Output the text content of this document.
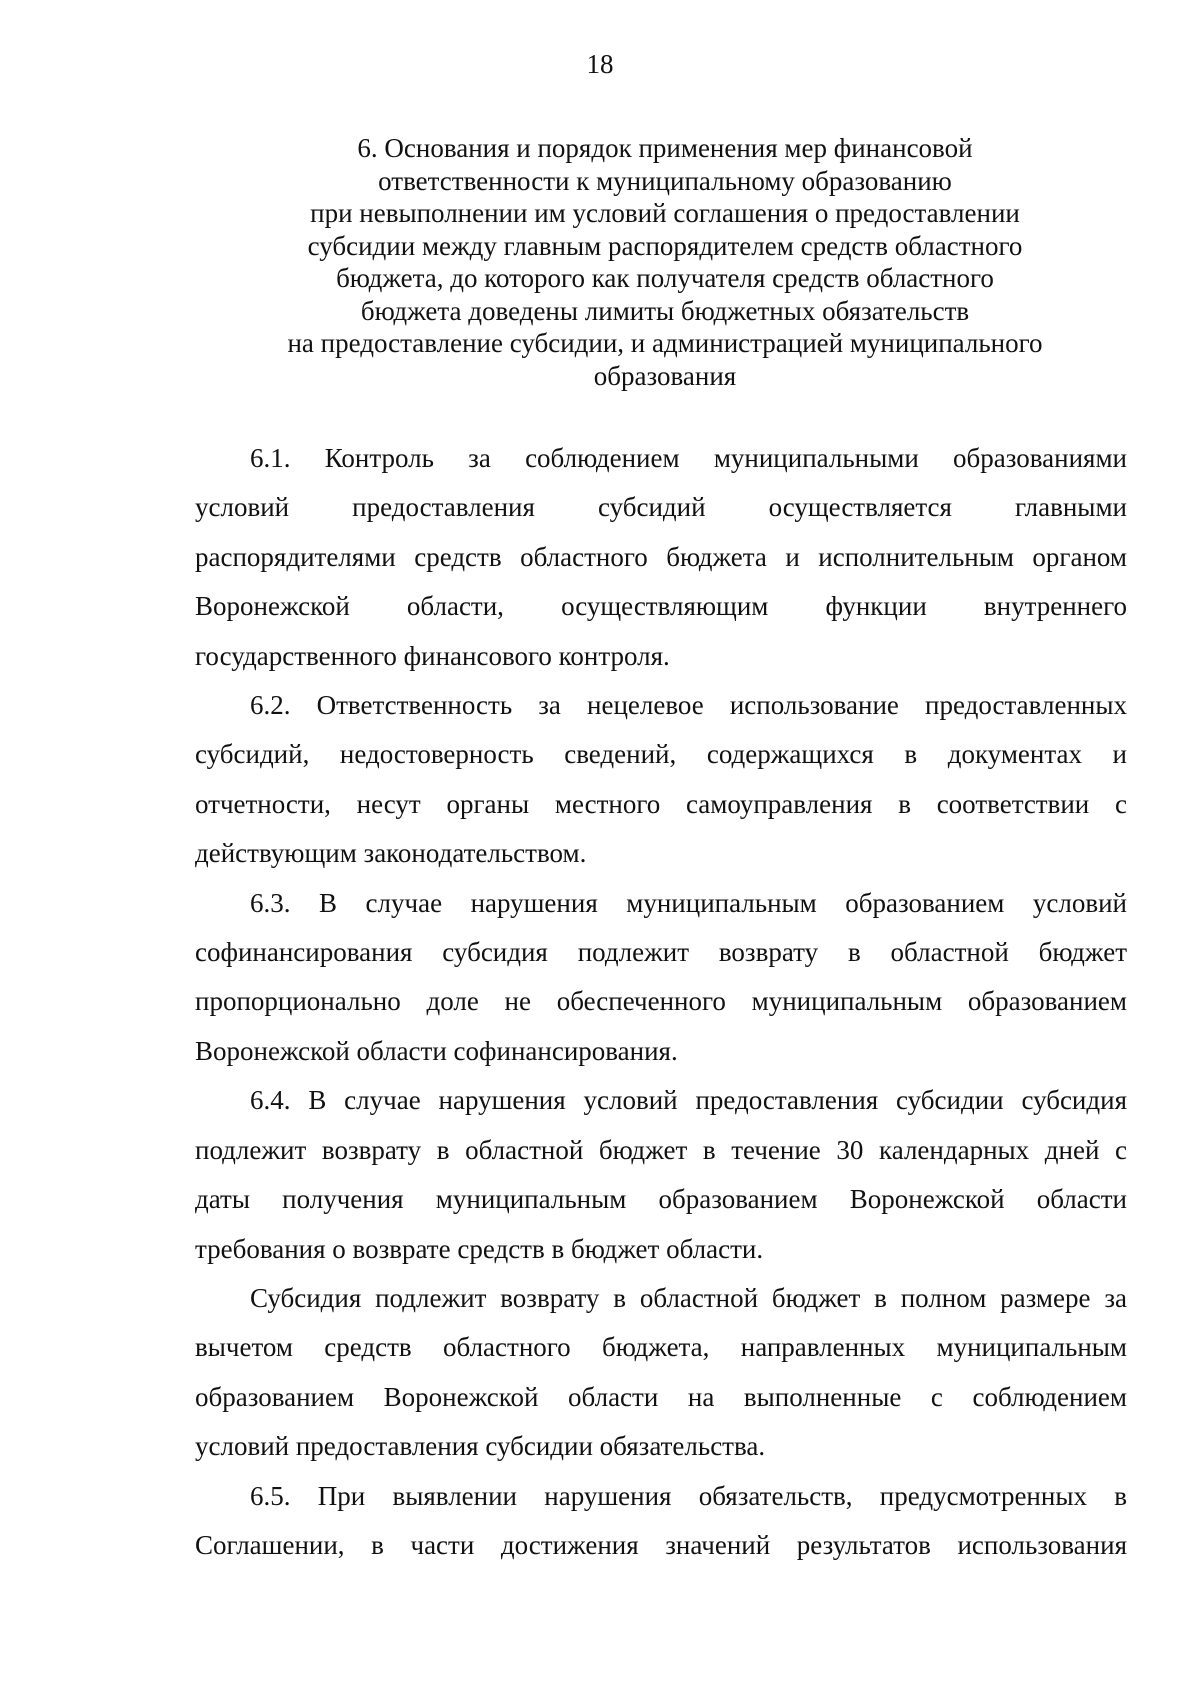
18
6. Основания и порядок применения мер финансовой
ответственности к муниципальному образованию
при невыполнении им условий соглашения о предоставлении
субсидии между главным распорядителем средств областного
бюджета, до которого как получателя средств областного
бюджета доведены лимиты бюджетных обязательств
на предоставление субсидии, и администрацией муниципального
образования
6.1. Контроль за соблюдением муниципальными образованиями
условий предоставления субсидий осуществляется главными
распорядителями средств областного бюджета и исполнительным органом
Воронежской области, осуществляющим функции внутреннего
государственного финансового контроля.
6.2. Ответственность за нецелевое использование предоставленных
субсидий, недостоверность сведений, содержащихся в документах и
отчетности, несут органы местного самоуправления в соответствии с
действующим законодательством.
6.3. В случае нарушения муниципальным образованием условий
софинансирования субсидия подлежит возврату в областной бюджет
пропорционально доле не обеспеченного муниципальным образованием
Воронежской области софинансирования.
6.4. В случае нарушения условий предоставления субсидии субсидия
подлежит возврату в областной бюджет в течение 30 календарных дней с
даты получения муниципальным образованием Воронежской области
требования о возврате средств в бюджет области.
Субсидия подлежит возврату в областной бюджет в полном размере за
вычетом средств областного бюджета, направленных муниципальным
образованием Воронежской области на выполненные с соблюдением
условий предоставления субсидии обязательства.
6.5. При выявлении нарушения обязательств, предусмотренных в
Соглашении, в части достижения значений результатов использования
